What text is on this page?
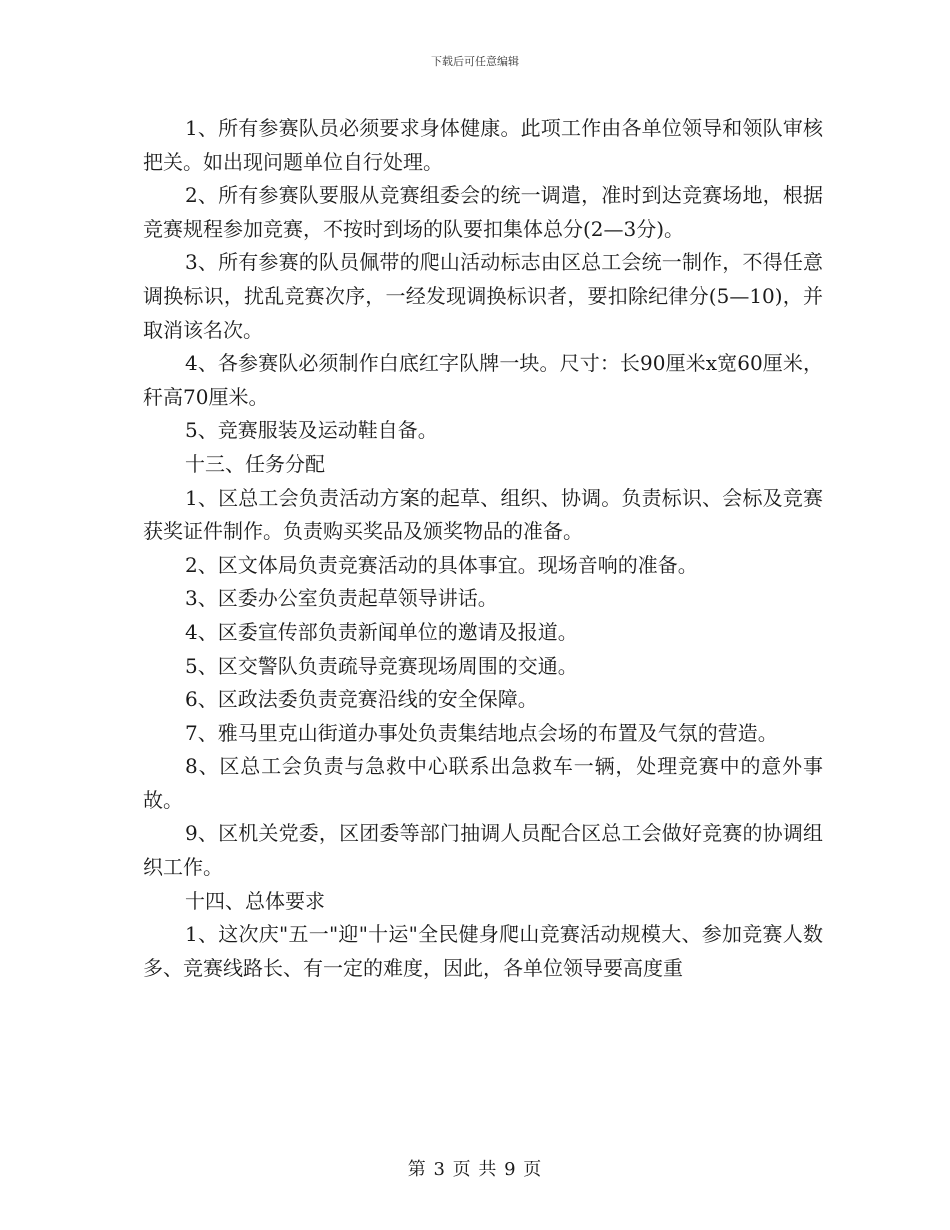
下载后可任意编辑

1、所有参赛队员必须要求身体健康。此项工作由各单位领导和领队审核把关。如出现问题单位自行处理。

2、所有参赛队要服从竞赛组委会的统一调遣，准时到达竞赛场地，根据竞赛规程参加竞赛，不按时到场的队要扣集体总分(2—3分)。

3、所有参赛的队员佩带的爬山活动标志由区总工会统一制作，不得任意调换标识，扰乱竞赛次序，一经发现调换标识者，要扣除纪律分(5—10)，并取消该名次。

4、各参赛队必须制作白底红字队牌一块。尺寸：长90厘米x宽60厘米，秆高70厘米。

5、竞赛服装及运动鞋自备。

十三、任务分配

1、区总工会负责活动方案的起草、组织、协调。负责标识、会标及竞赛获奖证件制作。负责购买奖品及颁奖物品的准备。

2、区文体局负责竞赛活动的具体事宜。现场音响的准备。

3、区委办公室负责起草领导讲话。

4、区委宣传部负责新闻单位的邀请及报道。

5、区交警队负责疏导竞赛现场周围的交通。

6、区政法委负责竞赛沿线的安全保障。

7、雅马里克山街道办事处负责集结地点会场的布置及气氛的营造。

8、区总工会负责与急救中心联系出急救车一辆，处理竞赛中的意外事故。

9、区机关党委，区团委等部门抽调人员配合区总工会做好竞赛的协调组织工作。

十四、总体要求

1、这次庆"五一"迎"十运"全民健身爬山竞赛活动规模大、参加竞赛人数多、竞赛线路长、有一定的难度，因此，各单位领导要高度重

第 3 页 共 9 页
